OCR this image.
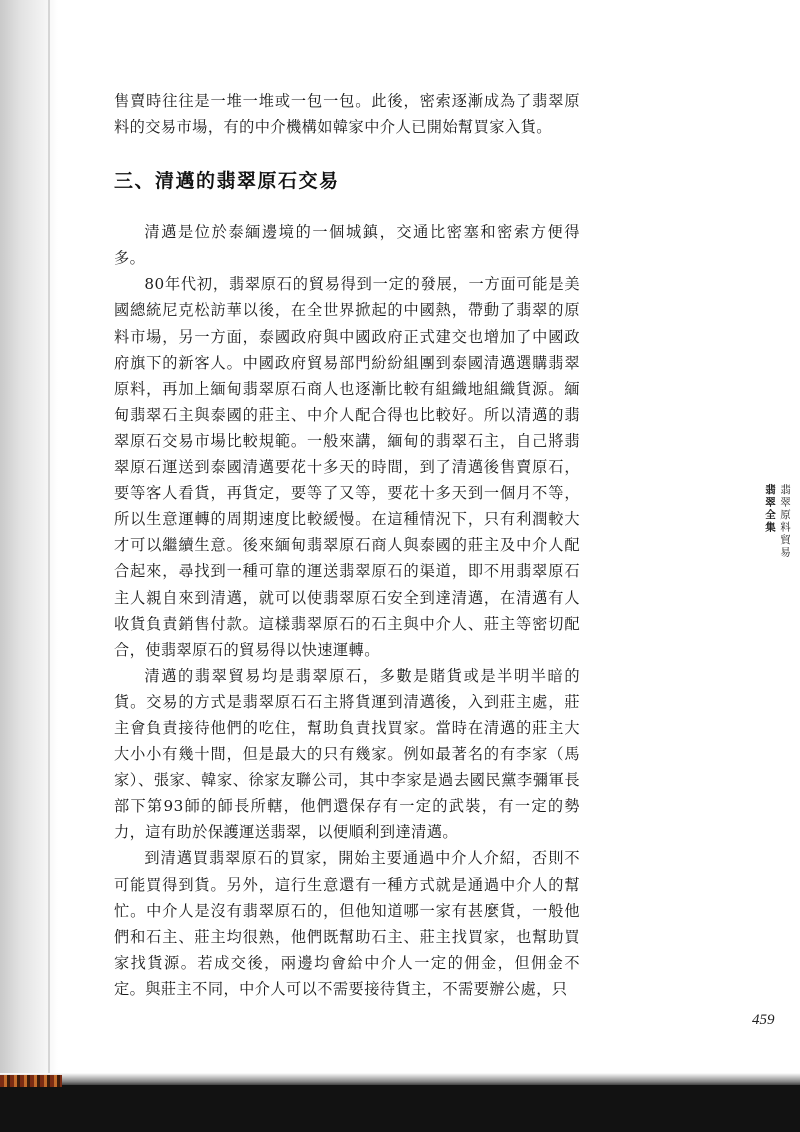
售賣時往往是一堆一堆或一包一包。此後，密索逐漸成為了翡翠原料的交易市場，有的中介機構如韓家中介人已開始幫買家入貨。

三、清邁的翡翠原石交易

清邁是位於泰緬邊境的一個城鎮，交通比密塞和密索方便得多。

80年代初，翡翠原石的貿易得到一定的發展，一方面可能是美國總統尼克松訪華以後，在全世界掀起的中國熱，帶動了翡翠的原料市場，另一方面，泰國政府與中國政府正式建交也增加了中國政府旗下的新客人。中國政府貿易部門紛紛組團到泰國清邁選購翡翠原料，再加上緬甸翡翠原石商人也逐漸比較有組織地組織貨源。緬甸翡翠石主與泰國的莊主、中介人配合得也比較好。所以清邁的翡翠原石交易市場比較規範。一般來講，緬甸的翡翠石主，自己將翡翠原石運送到泰國清邁要花十多天的時間，到了清邁後售賣原石，要等客人看貨，再貨定，要等了又等，要花十多天到一個月不等，所以生意運轉的周期速度比較緩慢。在這種情況下，只有利潤較大才可以繼續生意。後來緬甸翡翠原石商人與泰國的莊主及中介人配合起來，尋找到一種可靠的運送翡翠原石的渠道，即不用翡翠原石主人親自來到清邁，就可以使翡翠原石安全到達清邁，在清邁有人收貨負責銷售付款。這樣翡翠原石的石主與中介人、莊主等密切配合，使翡翠原石的貿易得以快速運轉。

清邁的翡翠貿易均是翡翠原石，多數是賭貨或是半明半暗的貨。交易的方式是翡翠原石石主將貨運到清邁後，入到莊主處，莊主會負責接待他們的吃住，幫助負責找買家。當時在清邁的莊主大大小小有幾十間，但是最大的只有幾家。例如最著名的有李家（馬家）、張家、韓家、徐家友聯公司，其中李家是過去國民黨李彌軍長部下第93師的師長所轄，他們還保存有一定的武裝，有一定的勢力，這有助於保護運送翡翠，以便順利到達清邁。

到清邁買翡翠原石的買家，開始主要通過中介人介紹，否則不可能買得到貨。另外，這行生意還有一種方式就是通過中介人的幫忙。中介人是沒有翡翠原石的，但他知道哪一家有甚麼貨，一般他們和石主、莊主均很熟，他們既幫助石主、莊主找買家，也幫助買家找貨源。若成交後，兩邊均會給中介人一定的佣金，但佣金不定。與莊主不同，中介人可以不需要接待貨主，不需要辦公處，只

翡翠全集 翡翠原料貿易
459
